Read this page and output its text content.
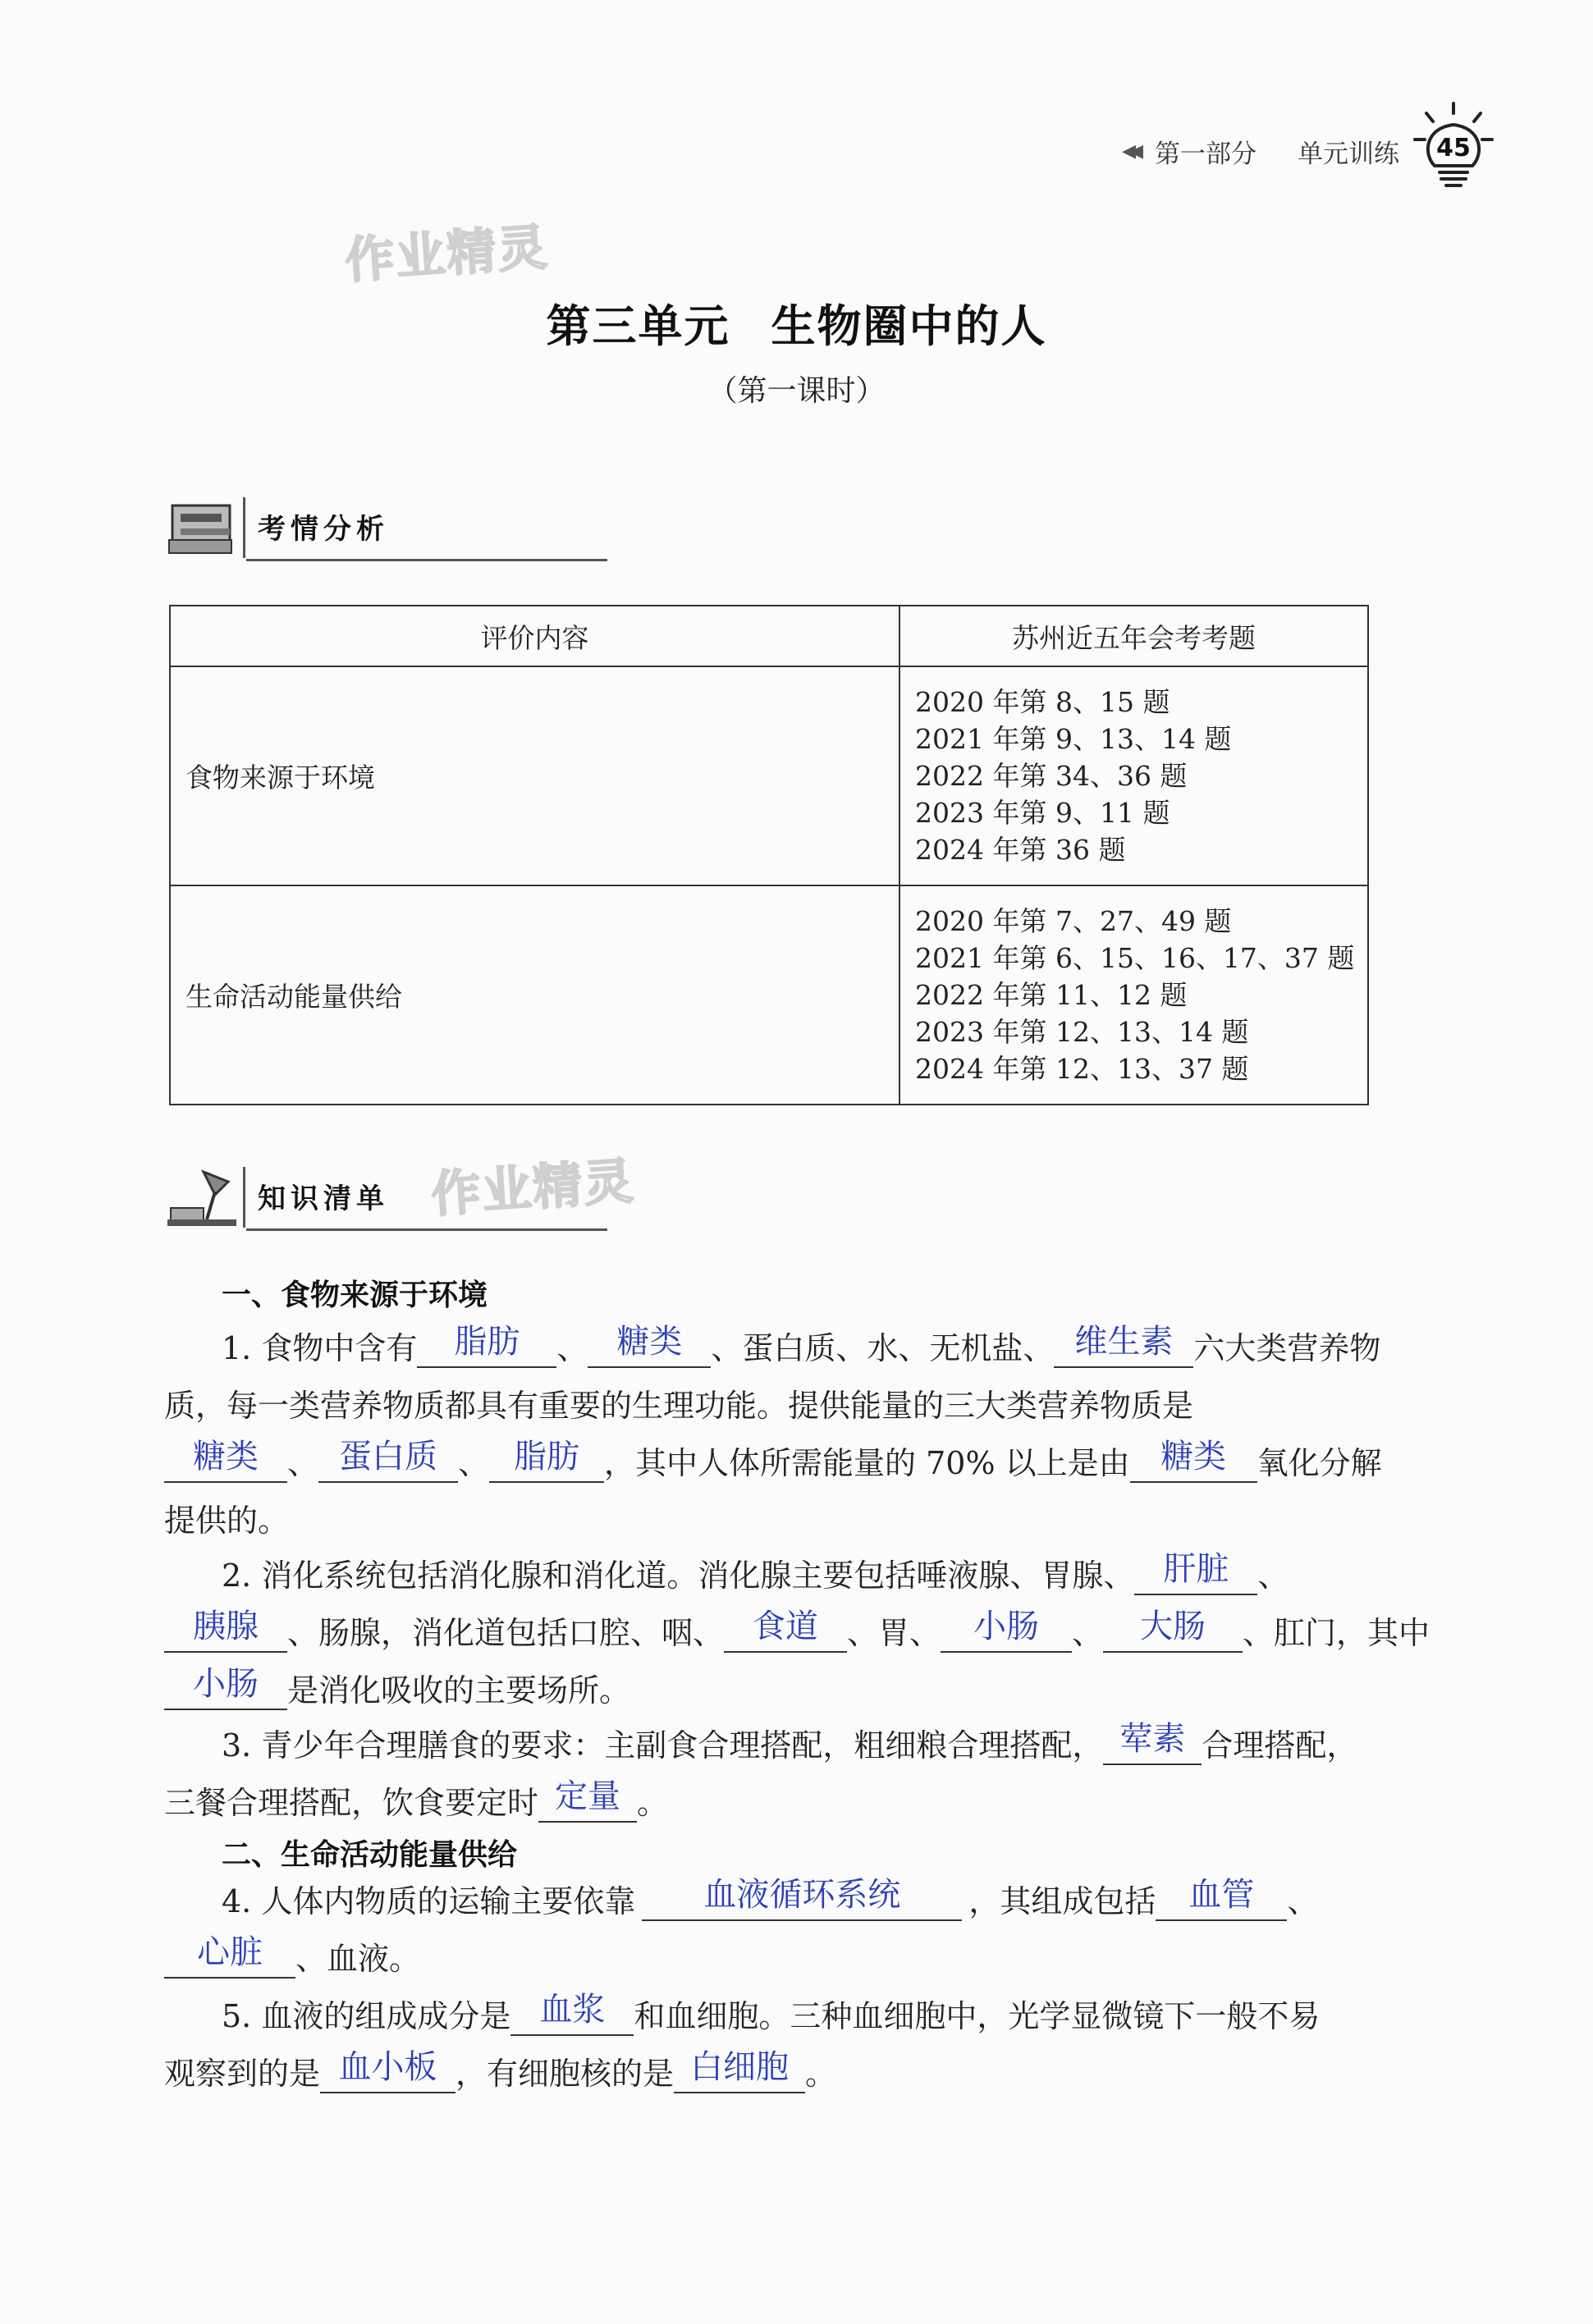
◀◀ 第一部分 单元训练 45
作业精灵
作业精灵
第三单元 生物圈中的人
（第一课时）
考情分析
评价内容	苏州近五年会考考题
食物来源于环境	2020 年第 8、15 题
2021 年第 9、13、14 题
2022 年第 34、36 题
2023 年第 9、11 题
2024 年第 36 题

生命活动能量供给	2020 年第 7、27、49 题
2021 年第 6、15、16、17、37 题
2022 年第 11、12 题
2023 年第 12、13、14 题
2024 年第 12、13、37 题
知识清单
一、食物来源于环境
1. 食物中含有 脂肪 、 糖类 、蛋白质、水、无机盐、 维生素 六大类营养物
质，每一类营养物质都具有重要的生理功能。提供能量的三大类营养物质是
糖类 、 蛋白质 、 脂肪 ，其中人体所需能量的 70% 以上是由 糖类 氧化分解
提供的。
2. 消化系统包括消化腺和消化道。消化腺主要包括唾液腺、胃腺、 肝脏 、
胰腺 、肠腺，消化道包括口腔、咽、 食道 、胃、 小肠 、 大肠 、肛门，其中
小肠 是消化吸收的主要场所。
3. 青少年合理膳食的要求：主副食合理搭配，粗细粮合理搭配， 荤素 合理搭配，
三餐合理搭配，饮食要定时 定量 。
二、生命活动能量供给
4. 人体内物质的运输主要依靠 血液循环系统 ，其组成包括 血管 、
心脏 、血液。
5. 血液的组成成分是 血浆 和血细胞。三种血细胞中，光学显微镜下一般不易
观察到的是 血小板 ，有细胞核的是 白细胞 。
